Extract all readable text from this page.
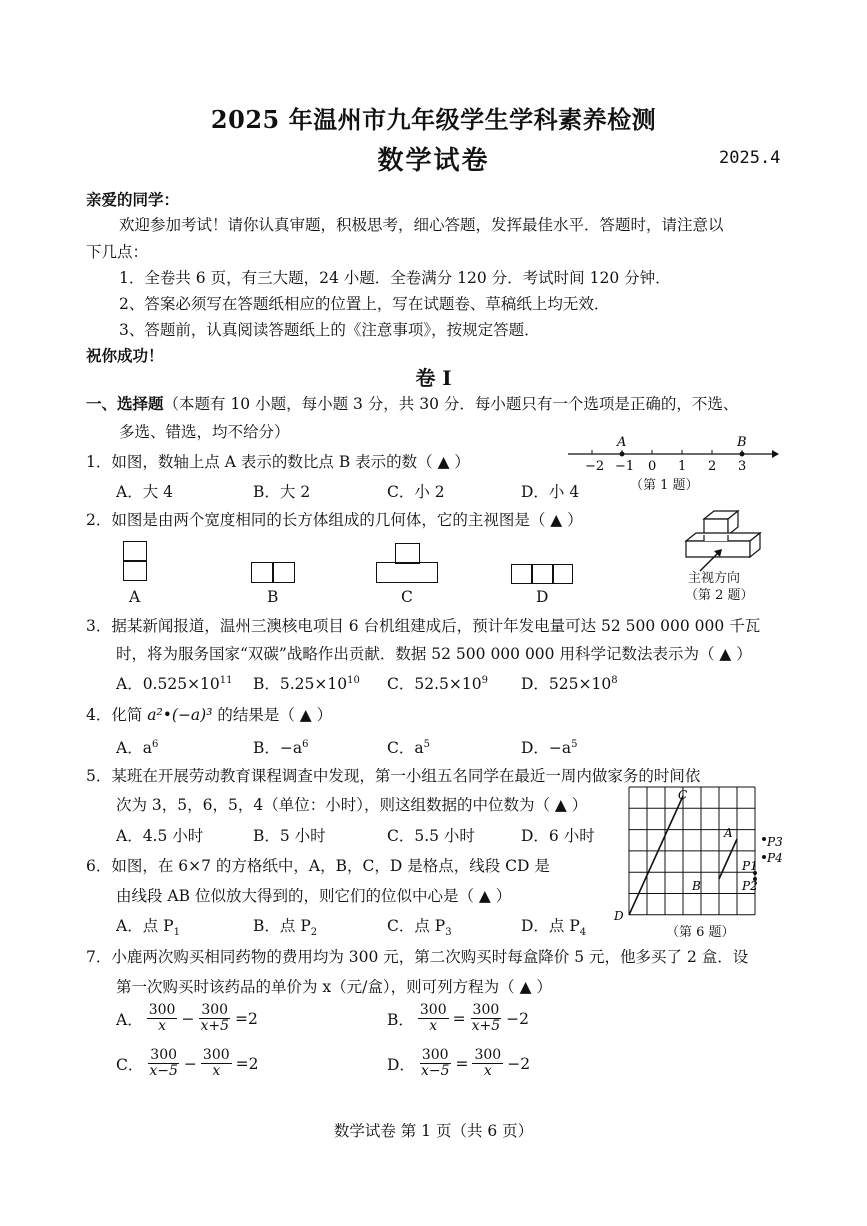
2025 年温州市九年级学生学科素养检测
数学试卷	2025.4
亲爱的同学：
欢迎参加考试！请你认真审题，积极思考，细心答题，发挥最佳水平．答题时，请注意以
下几点：
1．全卷共 6 页，有三大题，24 小题．全卷满分 120 分．考试时间 120 分钟．
2、答案必须写在答题纸相应的位置上，写在试题卷、草稿纸上均无效．
3、答题前，认真阅读答题纸上的《注意事项》，按规定答题．
祝你成功！
卷 I
一、选择题（本题有 10 小题，每小题 3 分，共 30 分．每小题只有一个选项是正确的，不选、
多选、错选，均不给分）
1．如图，数轴上点 A 表示的数比点 B 表示的数（ ▲ ）
A．大 4	B．大 2	C．小 2	D．小 4
−2 −1 0 1 2 3
A	B
（第 1 题）
2．如图是由两个宽度相同的长方体组成的几何体，它的主视图是（ ▲ ）
A	B	C	D
主视方向
（第 2 题）
3．据某新闻报道，温州三澳核电项目 6 台机组建成后，预计年发电量可达 52 500 000 000 千瓦
时，将为服务国家“双碳”战略作出贡献．数据 52 500 000 000 用科学记数法表示为（ ▲ ）
A．$0.525\times 10^{11}$ B．$5.25\times 10^{10}$ C．$52.5\times 10^9$ D．$525\times 10^8$
4．化简 a²•(−a)³ 的结果是（ ▲ ）
A．$a^6$	B．$-a^6$	C．$a^5$	D．$-a^5$
5．某班在开展劳动教育课程调查中发现，第一小组五名同学在最近一周内做家务的时间依
次为 3，5，6，5，4（单位：小时），则这组数据的中位数为（ ▲ ）
A．4.5 小时	B．5 小时	C．5.5 小时	D．6 小时
6．如图，在 6×7 的方格纸中，A，B，C，D 是格点，线段 CD 是
由线段 AB 位似放大得到的，则它们的位似中心是（ ▲ ）
A．点 $P_1$	B．点 $P_2$	C．点 $P_3$	D．点 $P_4$
C
D
A
B
P1
P2
P3
P4
（第 6 题）
7．小鹿两次购买相同药物的费用均为 300 元，第二次购买时每盒降价 5 元，他多买了 2 盒．设
第一次购买时该药品的单价为 x（元/盒），则可列方程为（ ▲ ）
A． $\frac{300}{x} - \frac{300}{x+5} =2$	B． $\frac{300}{x} = \frac{300}{x+5} -2$
C． $\frac{300}{x-5} - \frac{300}{x} =2$	D． $\frac{300}{x-5} = \frac{300}{x} -2$
数学试卷 第 1 页（共 6 页）
